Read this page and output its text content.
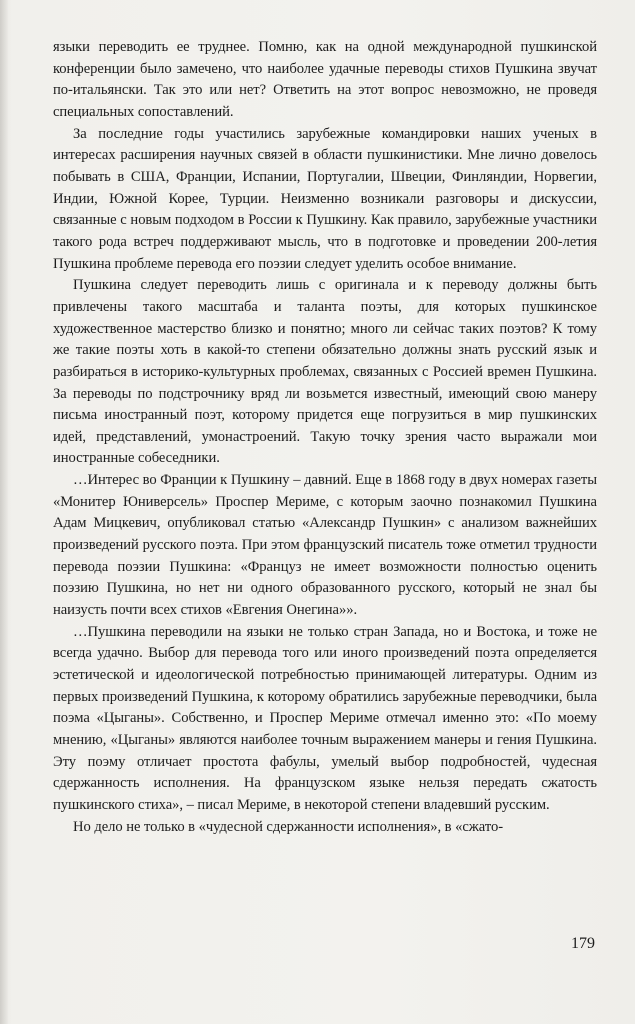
языки переводить ее труднее. Помню, как на одной международной пушкинской конференции было замечено, что наиболее удачные переводы стихов Пушкина звучат по-итальянски. Так это или нет? Ответить на этот вопрос невозможно, не проведя специальных сопоставлений.

За последние годы участились зарубежные командировки наших ученых в интересах расширения научных связей в области пушкинистики. Мне лично довелось побывать в США, Франции, Испании, Португалии, Швеции, Финляндии, Норвегии, Индии, Южной Корее, Турции. Неизменно возникали разговоры и дискуссии, связанные с новым подходом в России к Пушкину. Как правило, зарубежные участники такого рода встреч поддерживают мысль, что в подготовке и проведении 200-летия Пушкина проблеме перевода его поэзии следует уделить особое внимание.

Пушкина следует переводить лишь с оригинала и к переводу должны быть привлечены такого масштаба и таланта поэты, для которых пушкинское художественное мастерство близко и понятно; много ли сейчас таких поэтов? К тому же такие поэты хоть в какой-то степени обязательно должны знать русский язык и разбираться в историко-культурных проблемах, связанных с Россией времен Пушкина. За переводы по подстрочнику вряд ли возьмется известный, имеющий свою манеру письма иностранный поэт, которому придется еще погрузиться в мир пушкинских идей, представлений, умонастроений. Такую точку зрения часто выражали мои иностранные собеседники.

…Интерес во Франции к Пушкину – давний. Еще в 1868 году в двух номерах газеты «Монитер Юниверсель» Проспер Мериме, с которым заочно познакомил Пушкина Адам Мицкевич, опубликовал статью «Александр Пушкин» с анализом важнейших произведений русского поэта. При этом французский писатель тоже отметил трудности перевода поэзии Пушкина: «Француз не имеет возможности полностью оценить поэзию Пушкина, но нет ни одного образованного русского, который не знал бы наизусть почти всех стихов «Евгения Онегина»».

…Пушкина переводили на языки не только стран Запада, но и Востока, и тоже не всегда удачно. Выбор для перевода того или иного произведений поэта определяется эстетической и идеологической потребностью принимающей литературы. Одним из первых произведений Пушкина, к которому обратились зарубежные переводчики, была поэма «Цыганы». Собственно, и Проспер Мериме отмечал именно это: «По моему мнению, «Цыганы» являются наиболее точным выражением манеры и гения Пушкина. Эту поэму отличает простота фабулы, умелый выбор подробностей, чудесная сдержанность исполнения. На французском языке нельзя передать сжатость пушкинского стиха», – писал Мериме, в некоторой степени владевший русским.

Но дело не только в «чудесной сдержанности исполнения», в «сжато-

179
